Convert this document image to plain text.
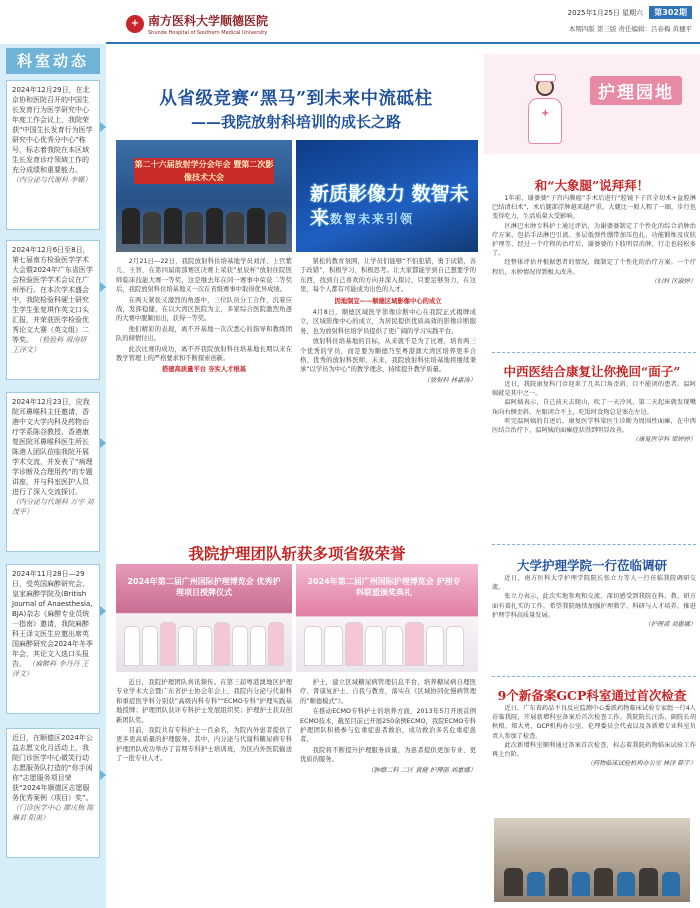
+ 南方医科大学顺德医院
Shunde Hospital of Southern Medical University
2025年1月25日 星期六 第302期
本期四版 第三版 责任编辑：吕春梅 黄穗平
科室动态
2024年12月29日，在北京协和医院召开的中国生长发育行为医学研究中心年度工作会议上，我院荣获“中国生长发育行为医学研究中心优秀分中心”称号，标志着我院在本区域生长发育诊疗领域工作的充分成绩和重要能力。 （内分泌与代谢科 李姗）
2024年12月6日至8日，第七届南方检验医学学术大会暨2024年广东省医学会检验医学学术会议在广州举行。在本次学术盛会中，我院检验科硬士研究生学生张复琪作英文口头汇报，并荣获医学检验优秀论文大赛（英文组）二等奖。 （检验科 周涛妍 王泽文）
2024年12月23日，应我院耳鼻喉科主任邀请，香港中文大学内科及药物治疗学系陈谷教授、香港康复医院耳鼻喉科医生所长陈港人团队莅临我院开展学术交流，并发表了“病理学诊断及合理用药”的专题讲座，并与科室医护人员进行了深入交流探讨。 （内分泌与代谢科 万宇 刘茂平）
2024年11月28日—29日，受英国麻醉研究会、皇家麻醉学院及(British Journal of Anaesthesia, BJA)杂志《麻醉专业员统一指南》邀请，我院麻醉科王泽文医生应邀出席英国麻醉研究会2024年冬季年会，其论文入选口头报告。 （麻醉科 李丹丹 王泽文）
近日，在顺德区2024年公益志愿文化月活动上，我院门诊医学中心微笑行动志愿服务队打造的“你手闲你”志愿服务项目荣获“2024年顺德区志愿服务优秀案例（项目）奖”。 （门诊医学中心 廖庆梅 陈琳君 阳美）
从省级竞赛“黑马”到未来中流砥柱
——我院放射科培训的成长之路
第二十六届放射学分会年会 暨第二次影像技术大会
新质影像力 数智未来 数智未来引领

2月21日—22日，我院放射科住培基地学员刘洋、上官紫儿、王智，在第四届南部赛区决赛上荣获“星辰杯”放射住院医师临床技能大赛一等奖，这是继去年在同一赛事中荣获二等奖后，我院放射科住培基地又一次在省级赛事中取得优异成绩。

在两天紧张又激烈的角逐中，三位队员分工合作，沉着应战，发挥稳健，在以大湾区医院为主，多家综合医院激烈角逐的大赛中脱颖而出，获得一等奖。

他们精彩的表现，离不开基地一次次悉心的指导和教练团队的倾情付出。

此次比赛的成功，离不开我院放射科住培基地长期以来在教学管理上的严格要求和不断探索创新。

搭建高质量平台 夯实人才根基

紧松的教育氛围，让学员们能够“不怕犯错，勇于试错，善于改错”，积极学习、积极思考。让大家都能学到自己想要学的东西，找到自己喜欢的方向并深入探讨，只要足够努力，在这里，每个人都有可能成为出色的人才。

因地制宜——顺德区域影像中心的成立

4月8日，顺德区域医学影像诊断中心在我院正式揭牌成立，区域影像中心的成立，为居民提供优质高效的影像诊断服务，也为放射科住培学员提供了更广阔的学习实践平台。

放射科住培基地的目标，从来就不是为了比赛，培育两三个优秀的学员，而是要为顺德乃至粤港澳大湾区培养更多合格、优秀的放射科医师，未来，我院放射科住培基地将继续秉承“以学员为中心”的教学理念，持续提升教学质量。

（放射科 林嘉涛）

我院护理团队斩获多项省级荣誉
2024年第二届广州国际护理博览会 优秀护理项目授牌仪式
2024年第二届广州国际护理博览会 护理专科联盟颁奖典礼

近日，我院护理团队喜讯频传。在第三届粤港澳地区护理专业学术大会暨广东省护士协会年会上，我院内分泌与代谢科和重症医学科分别获“高级内科专科”“ECMO专科”护理实践基地授牌；护理团队获评专科护士发展组织奖；护理护士获双创新团队奖。

目前，我院共有专科护士一百余名，为院内外患者提供了更多更高质量的护理服务。其中，内分泌与代谢科糖尿病专科护理团队成功举办了首期专科护士培训班，为区内外医院输送了一批专业人才。

护士，建立区域糖尿病管理信息平台，培养糖尿病自理医疗、肾康复护士、自我与教育，落实在《区域协同化慢病管理的“顺德模式”》。

在推动ECMO专科护士的培养方面，2013年5月开展首例ECMO技术，截至目前已开展250余例ECMO，我院ECMO专科护理团队积极参与危重症患者救治，成功救治多名危重症患者。

我院将不断提升护理服务质量，为患者提供更加专业、更优质的服务。

（肿瘤二科 二区 黄健 护理部 刘惠娜）

+
护理园地
和“大象腿”说拜拜！

1年前，谢婆婆“子宫内膜癌”手术后进行“腔镜下子宫全切术+盆腔淋巴结清扫术”，术后腿部浮肿越来越严重，大腿比一般人粗了一圈，步行也变得吃力，生活质量大受影响。

区淋巴水肿专科护士通过评估，为谢婆婆制定了个性化的综合消肿治疗方案，包括手法淋巴引流、多层低弹性绷带加压包扎、功能锻炼及皮肤护理等，经过一个疗程的治疗后，谢婆婆的下肢明显消肿，行走也轻松多了。

经整体评估并根据患者的情况，做制定了个性化的治疗方案。一个疗程后，水肿情况得到极大改善。

（妇科 区淑婷）

中西医结合康复让你挽回“面子”

近日，我院康复科门诊迎来了几名口角歪斜、目不能闭的患者。温阿姨就是其中之一。

温阿姨表示，自己前天去爬山，吹了一天冷风，第二天起床就发现嘴角向右侧歪斜，左眼闭合不上，吃饭时食物总是塞在左边。

听完温阿姨的自述后，康复医学科梁医生诊断为周围性面瘫，在中西医结合治疗下，温阿姨的面瘫症状得到明显改善。

（康复医学科 梁婷婷）

大学护理学院一行莅临调研

近日，南方医科大学护理学院院长张立力等人一行莅临我院调研交流。

张立力表示，此次实地参观和交流，深切感受到我院在科、教、研方面有着扎实的工作，希望我院继续加强护理教学、科研与人才培养，推进护理学科高质量发展。

（护理部 刘惠娜）

9个新备案GCP科室通过首次检查

近日，广东省药品不良反应监测中心委派药物临床试验专家组一行4人莅临我院，开展新增科室备案后首次检查工作。我院院长汪浩，副院长胡秋根、郑大勇、GCP机构办公室、伦理委员会代表以及各新增专业科室负责人参加了检查。

此次新增科室顺利通过备案首次检查，标志着我院药物临床试验工作再上台阶。

（药物临床试验机构办公室 林泽 陈宇）
